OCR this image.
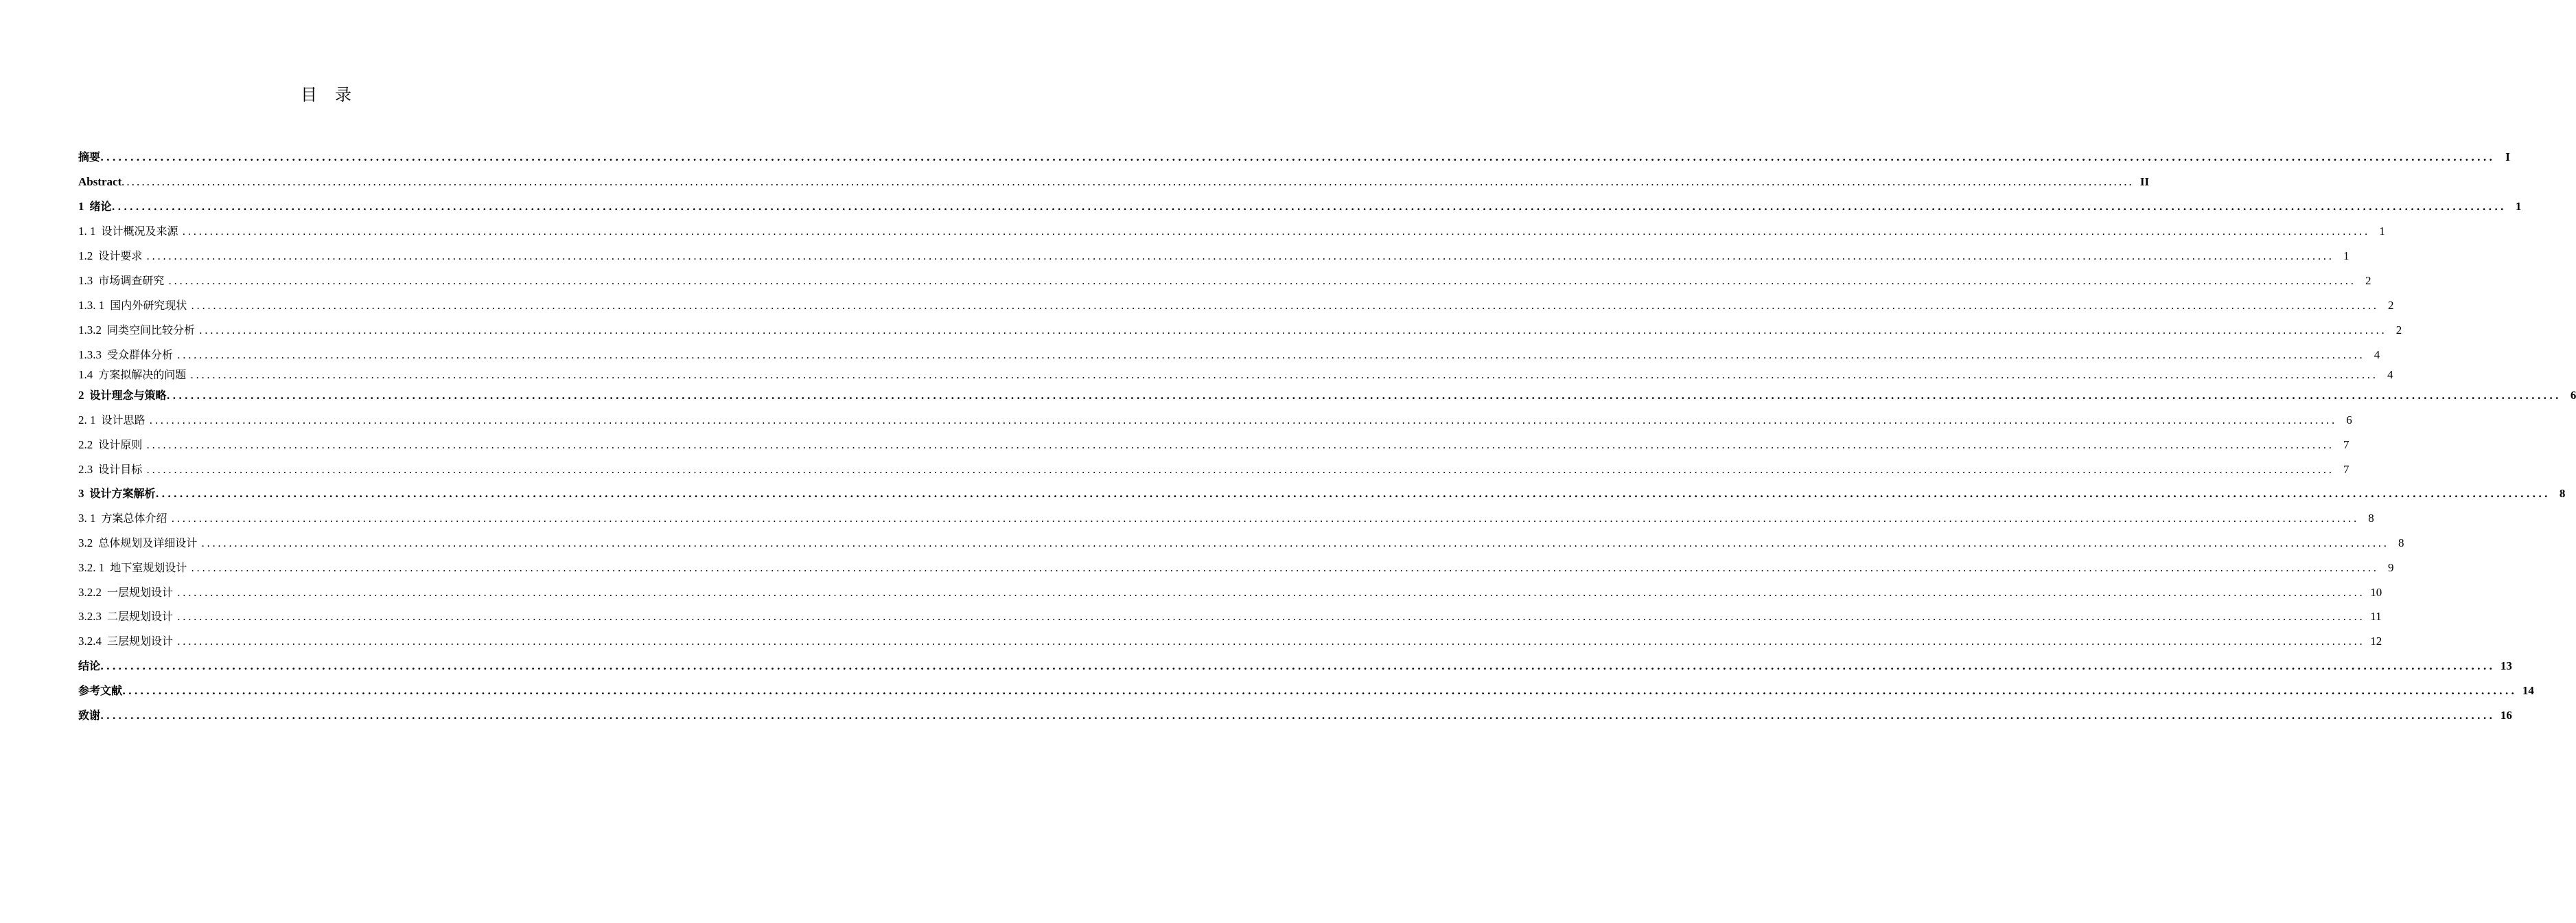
目录
摘要 ................................................................................................................................................................................................................................................................................................................................................................................................................ I
Abstract ................................................................................................................................................................................................................................................................................................................................................................................................................ II
1 绪论 ................................................................................................................................................................................................................................................................................................................................................................................................................ 1
1. 1 设计概况及来源 ................................................................................................................................................................................................................................................................................................................................................................................................................ 1
1.2 设计要求 ................................................................................................................................................................................................................................................................................................................................................................................................................ 1
1.3 市场调查研究 ................................................................................................................................................................................................................................................................................................................................................................................................................ 2
1.3. 1 国内外研究现状 ................................................................................................................................................................................................................................................................................................................................................................................................................ 2
1.3.2 同类空间比较分析 ................................................................................................................................................................................................................................................................................................................................................................................................................ 2
1.3.3 受众群体分析 ................................................................................................................................................................................................................................................................................................................................................................................................................ 4
1.4 方案拟解决的问题 ................................................................................................................................................................................................................................................................................................................................................................................................................ 4
2 设计理念与策略 ................................................................................................................................................................................................................................................................................................................................................................................................................ 6
2. 1 设计思路 ................................................................................................................................................................................................................................................................................................................................................................................................................ 6
2.2 设计原则 ................................................................................................................................................................................................................................................................................................................................................................................................................ 7
2.3 设计目标 ................................................................................................................................................................................................................................................................................................................................................................................................................ 7
3 设计方案解析 ................................................................................................................................................................................................................................................................................................................................................................................................................ 8
3. 1 方案总体介绍 ................................................................................................................................................................................................................................................................................................................................................................................................................ 8
3.2 总体规划及详细设计 ................................................................................................................................................................................................................................................................................................................................................................................................................ 8
3.2. 1 地下室规划设计 ................................................................................................................................................................................................................................................................................................................................................................................................................ 9
3.2.2 一层规划设计 ................................................................................................................................................................................................................................................................................................................................................................................................................ 10
3.2.3 二层规划设计 ................................................................................................................................................................................................................................................................................................................................................................................................................ 11
3.2.4 三层规划设计 ................................................................................................................................................................................................................................................................................................................................................................................................................ 12
结论 ................................................................................................................................................................................................................................................................................................................................................................................................................ 13
参考文献 ................................................................................................................................................................................................................................................................................................................................................................................................................ 14
致谢 ................................................................................................................................................................................................................................................................................................................................................................................................................ 16
